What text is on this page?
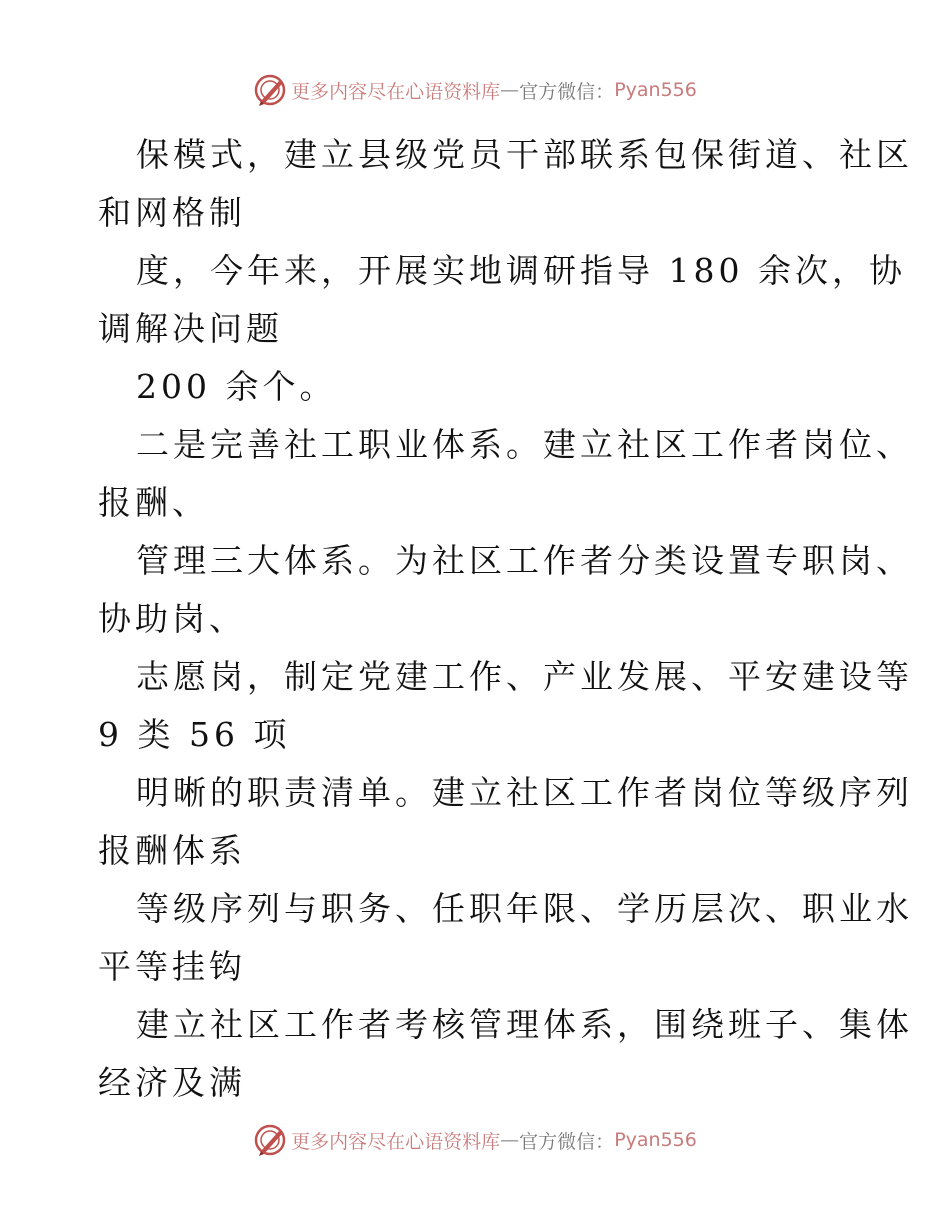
更多内容尽在心语资料库 — 官方微信： Pyan556
保模式，建立县级党员干部联系包保街道、社区
和网格制
度，今年来，开展实地调研指导 180 余次，协
调解决问题
200 余个。
二是完善社工职业体系。建立社区工作者岗位、
报酬、
管理三大体系。为社区工作者分类设置专职岗、
协助岗、
志愿岗，制定党建工作、产业发展、平安建设等
9 类 56 项
明晰的职责清单。建立社区工作者岗位等级序列
报酬体系
等级序列与职务、任职年限、学历层次、职业水
平等挂钩
建立社区工作者考核管理体系，围绕班子、集体
经济及满
更多内容尽在心语资料库 — 官方微信： Pyan556
